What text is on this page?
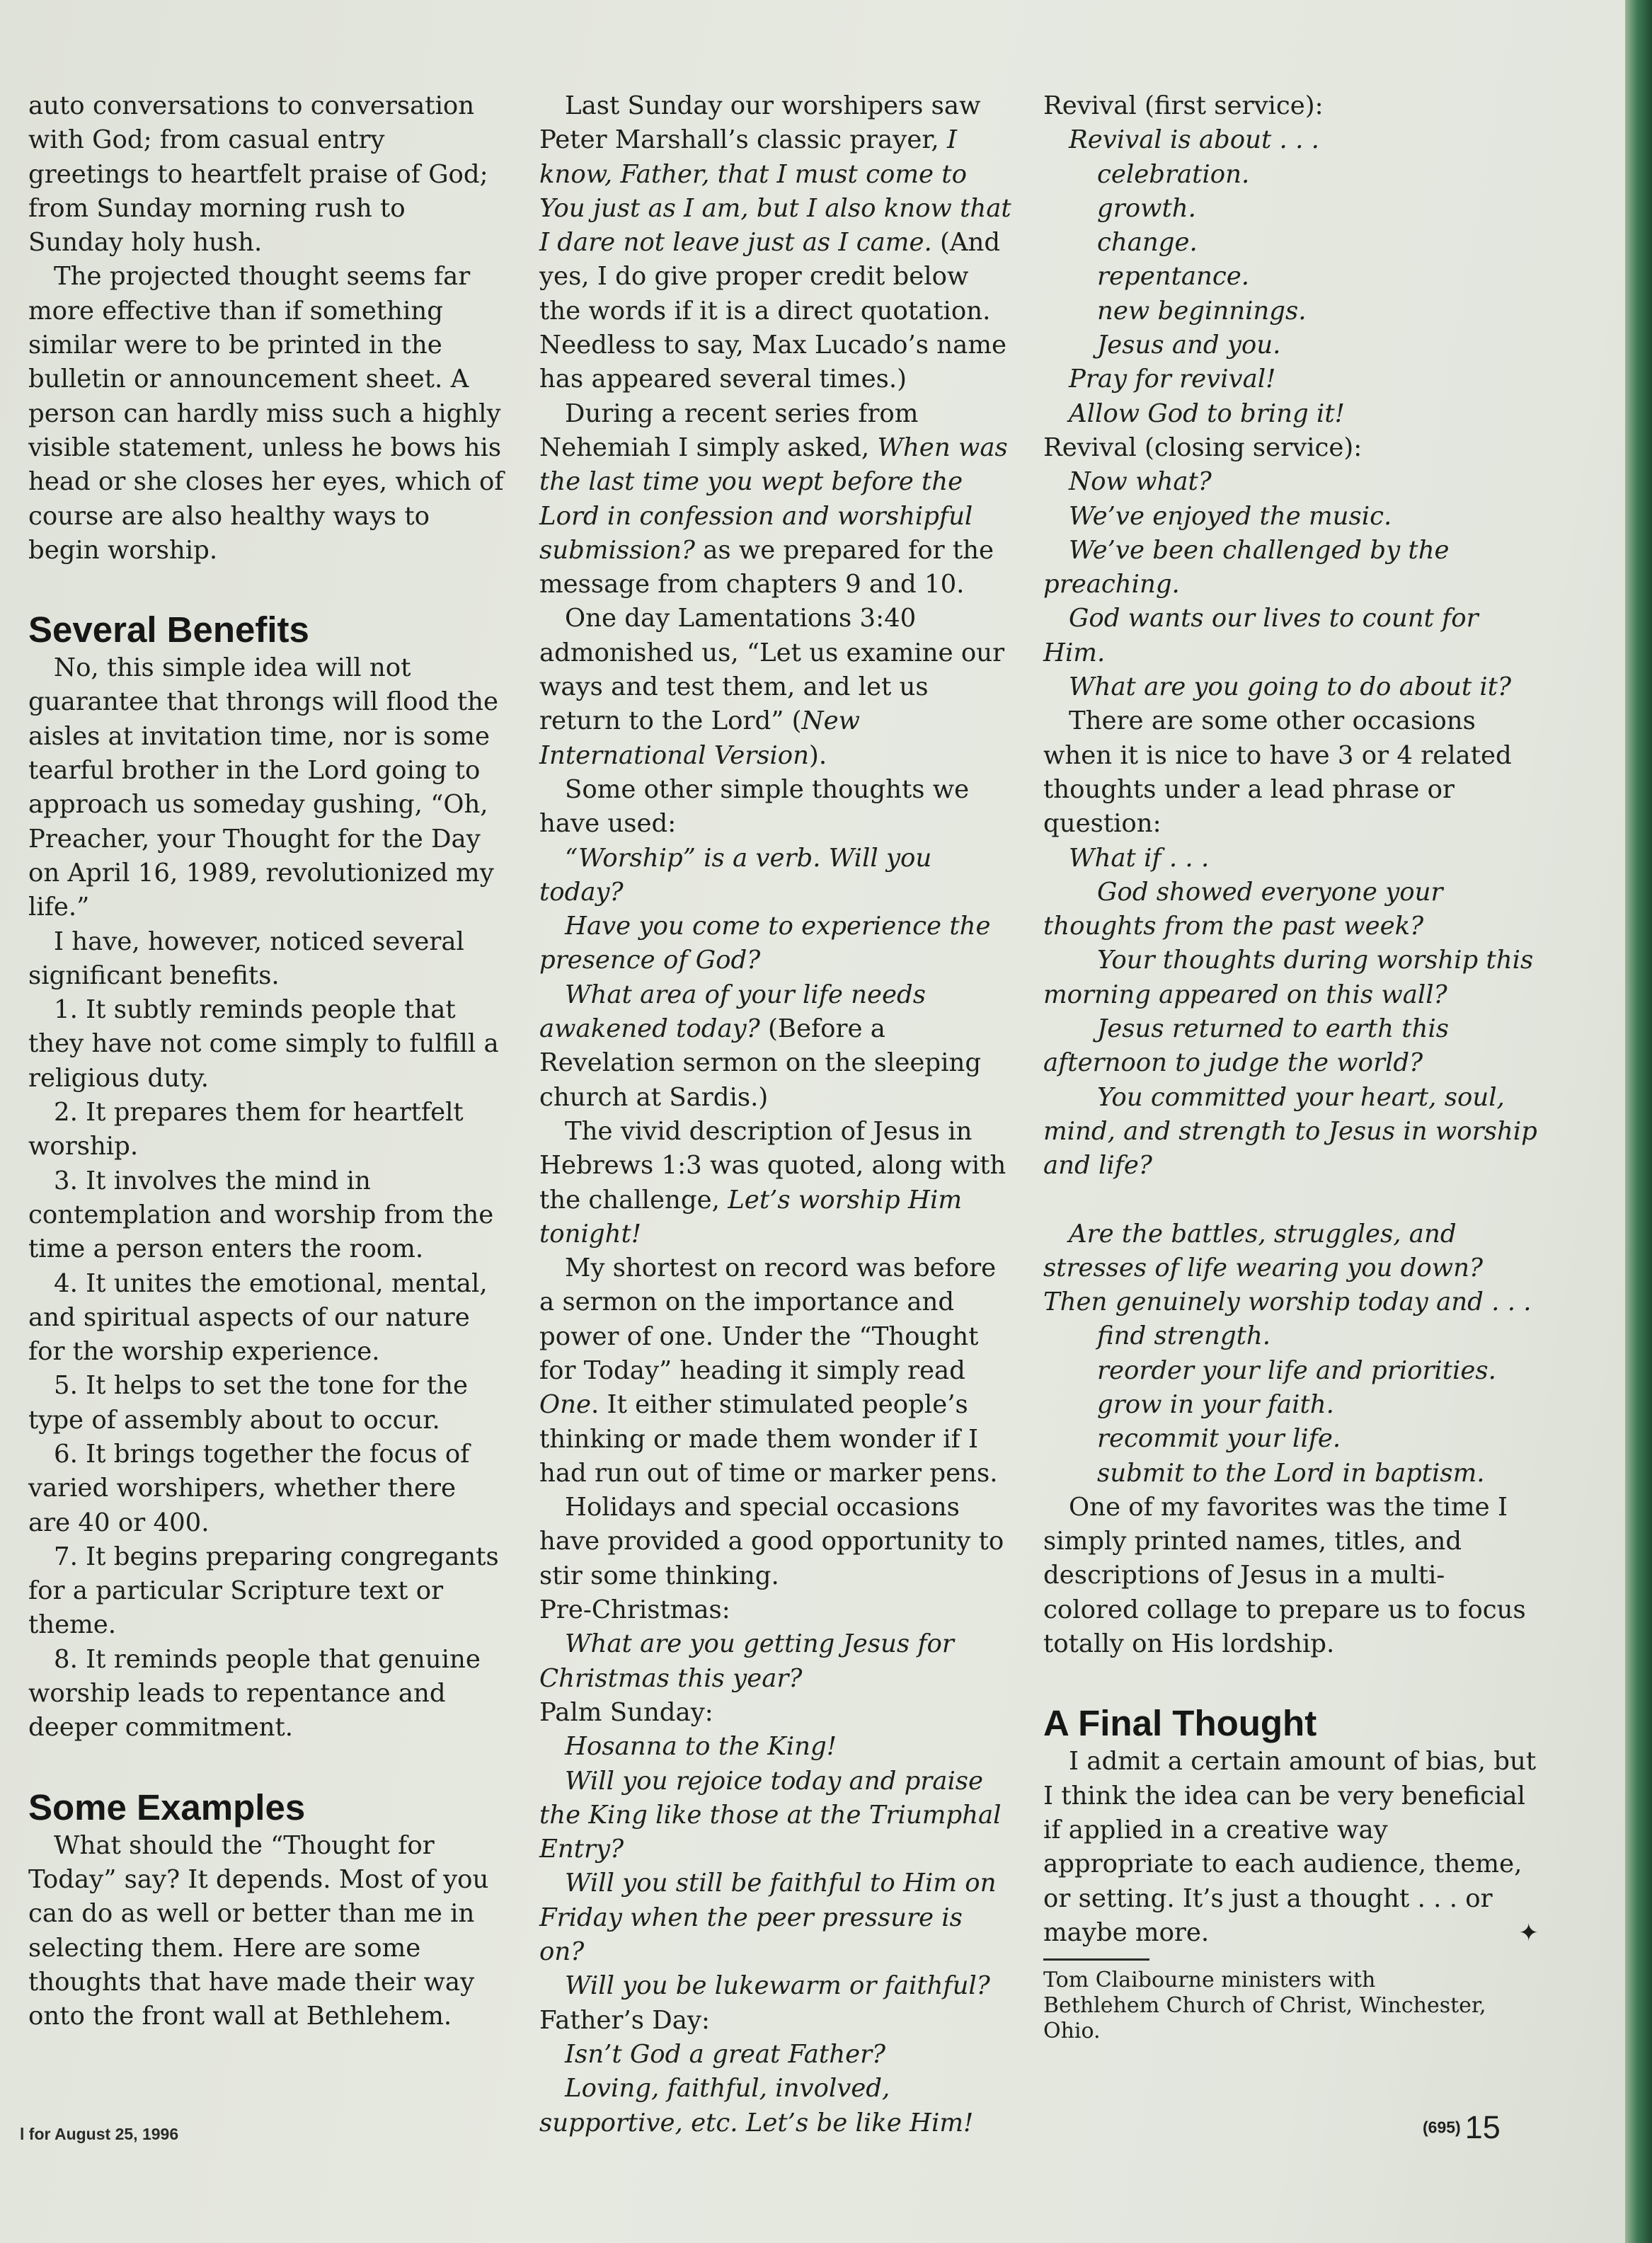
auto conversations to conversation with God; from casual entry greetings to heartfelt praise of God; from Sunday morning rush to Sunday holy hush.

The projected thought seems far more effective than if something similar were to be printed in the bulletin or announcement sheet. A person can hardly miss such a highly visible statement, unless he bows his head or she closes her eyes, which of course are also healthy ways to begin worship.

Several Benefits

No, this simple idea will not guarantee that throngs will flood the aisles at invitation time, nor is some tearful brother in the Lord going to approach us someday gushing, “Oh, Preacher, your Thought for the Day on April 16, 1989, revolutionized my life.”

I have, however, noticed several significant benefits.

1. It subtly reminds people that they have not come simply to fulfill a religious duty.

2. It prepares them for heartfelt worship.

3. It involves the mind in contemplation and worship from the time a person enters the room.

4. It unites the emotional, mental, and spiritual aspects of our nature for the worship experience.

5. It helps to set the tone for the type of assembly about to occur.

6. It brings together the focus of varied worshipers, whether there are 40 or 400.

7. It begins preparing congregants for a particular Scripture text or theme.

8. It reminds people that genuine worship leads to repentance and deeper commitment.

Some Examples

What should the “Thought for Today” say? It depends. Most of you can do as well or better than me in selecting them. Here are some thoughts that have made their way onto the front wall at Bethlehem.

Last Sunday our worshipers saw Peter Marshall’s classic prayer, I know, Father, that I must come to You just as I am, but I also know that I dare not leave just as I came. (And yes, I do give proper credit below the words if it is a direct quotation. Needless to say, Max Lucado’s name has appeared several times.)

During a recent series from Nehemiah I simply asked, When was the last time you wept before the Lord in confession and worshipful submission? as we prepared for the message from chapters 9 and 10.

One day Lamentations 3:40 admonished us, “Let us examine our ways and test them, and let us return to the Lord” (New International Version).

Some other simple thoughts we have used:

“Worship” is a verb. Will you today?

Have you come to experience the presence of God?

What area of your life needs awakened today? (Before a Revelation sermon on the sleeping church at Sardis.)

The vivid description of Jesus in Hebrews 1:3 was quoted, along with the challenge, Let’s worship Him tonight!

My shortest on record was before a sermon on the importance and power of one. Under the “Thought for Today” heading it simply read One. It either stimulated people’s thinking or made them wonder if I had run out of time or marker pens.

Holidays and special occasions have provided a good opportunity to stir some thinking.

Pre-Christmas:

What are you getting Jesus for Christmas this year?

Palm Sunday:

Hosanna to the King!

Will you rejoice today and praise the King like those at the Triumphal Entry?

Will you still be faithful to Him on Friday when the peer pressure is on?

Will you be lukewarm or faithful?

Father’s Day:

Isn’t God a great Father?

Loving, faithful, involved, supportive, etc. Let’s be like Him!

Revival (first service):

Revival is about . . .

celebration.

growth.

change.

repentance.

new beginnings.

Jesus and you.

Pray for revival!

Allow God to bring it!

Revival (closing service):

Now what?

We’ve enjoyed the music.

We’ve been challenged by the preaching.

God wants our lives to count for Him.

What are you going to do about it?

There are some other occasions when it is nice to have 3 or 4 related thoughts under a lead phrase or question:

What if . . .

God showed everyone your thoughts from the past week?

Your thoughts during worship this morning appeared on this wall?

Jesus returned to earth this afternoon to judge the world?

You committed your heart, soul, mind, and strength to Jesus in worship and life?

Are the battles, struggles, and stresses of life wearing you down?

Then genuinely worship today and . . .

find strength.

reorder your life and priorities.

grow in your faith.

recommit your life.

submit to the Lord in baptism.

One of my favorites was the time I simply printed names, titles, and descriptions of Jesus in a multi-colored collage to prepare us to focus totally on His lordship.

A Final Thought

I admit a certain amount of bias, but I think the idea can be very beneficial if applied in a creative way appropriate to each audience, theme, or setting. It’s just a thought . . . or maybe more.	✦

Tom Claibourne ministers with
Bethlehem Church of Christ, Winchester,
Ohio.

l for August 25, 1996	(695) 15
